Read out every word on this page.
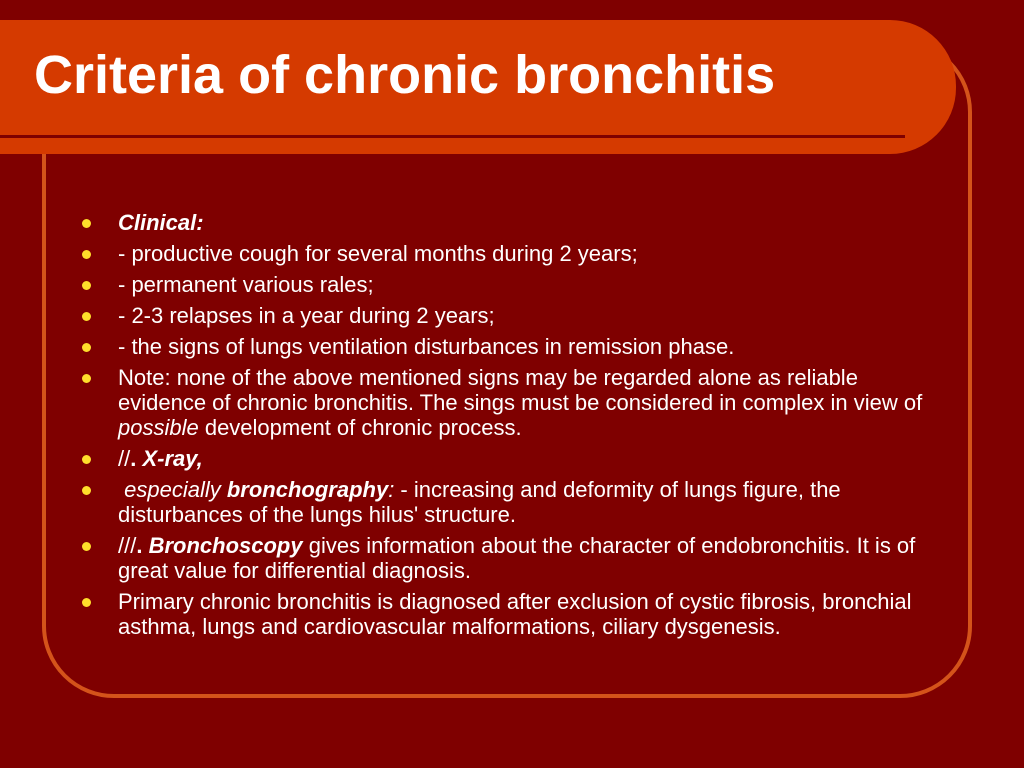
Criteria of chronic bronchitis
Clinical:
- productive cough for several months during 2 years;
- permanent various rales;
- 2-3 relapses in a year during 2 years;
- the signs of lungs ventilation disturbances in remission phase.
Note: none of the above mentioned signs may be regarded alone as reliable evidence of chronic bronchitis. The sings must be considered in complex in view of possible development of chronic process.
//. X-ray,
especially bronchography: - increasing and deformity of lungs figure, the disturbances of the lungs hilus' structure.
///. Bronchoscopy gives information about the character of endobronchitis. It is of great value for differential diagnosis.
Primary chronic bronchitis is diagnosed after exclusion of cystic fibrosis, bronchial asthma, lungs and cardiovascular malformations, ciliary dysgenesis.
